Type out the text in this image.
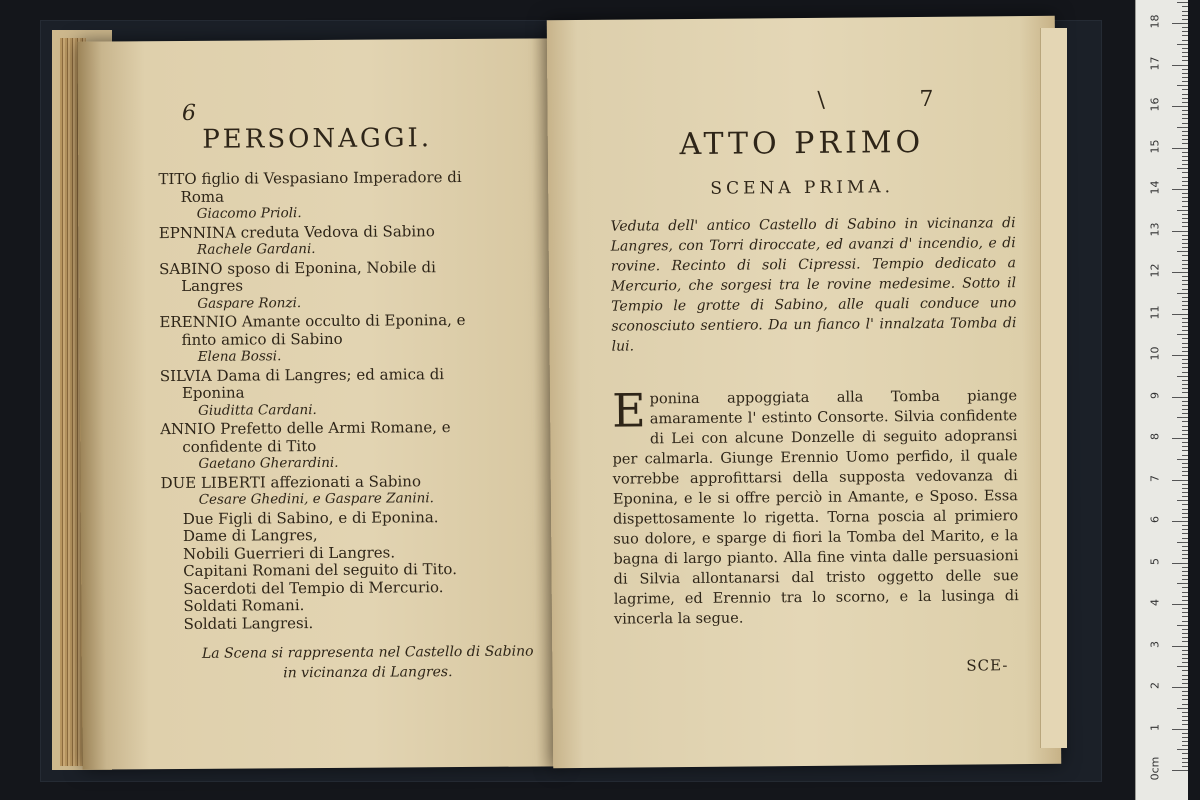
6
PERSONAGGI.
TITO figlio di Vespasiano Imperadore di
Roma
Giacomo Prioli.
EPNNINA creduta Vedova di Sabino
Rachele Gardani.
SABINO sposo di Eponina, Nobile di
Langres
Gaspare Ronzi.
ERENNIO Amante occulto di Eponina, e
finto amico di Sabino
Elena Bossi.
SILVIA Dama di Langres; ed amica di
Eponina
Giuditta Cardani.
ANNIO Prefetto delle Armi Romane, e
confidente di Tito
Gaetano Gherardini.
DUE LIBERTI affezionati a Sabino
Cesare Ghedini, e Gaspare Zanini.
Due Figli di Sabino, e di Eponina.
Dame di Langres,
Nobili Guerrieri di Langres.
Capitani Romani del seguito di Tito.
Sacerdoti del Tempio di Mercurio.
Soldati Romani.
Soldati Langresi.
La Scena si rappresenta nel Castello di Sabino
in vicinanza di Langres.
\	7
ATTO PRIMO
SCENA PRIMA.
Veduta dell' antico Castello di Sabino in vicinanza di Langres, con Torri diroccate, ed avanzi d' incendio, e di rovine. Recinto di soli Cipressi. Tempio dedicato a Mercurio, che sorgesi tra le rovine medesime. Sotto il Tempio le grotte di Sabino, alle quali conduce uno sconosciuto sentiero. Da un fianco l' innalzata Tomba di lui.
Eponina appoggiata alla Tomba piange amaramente l' estinto Consorte. Silvia confidente di Lei con alcune Donzelle di seguito adopransi per calmarla. Giunge Erennio Uomo perfido, il quale vorrebbe approfittarsi della supposta vedovanza di Eponina, e le si offre perciò in Amante, e Sposo. Essa dispettosamente lo rigetta. Torna poscia al primiero suo dolore, e sparge di fiori la Tomba del Marito, e la bagna di largo pianto. Alla fine vinta dalle persuasioni di Silvia allontanarsi dal tristo oggetto delle sue lagrime, ed Erennio tra lo scorno, e la lusinga di vincerla la segue.
SCE-
0cm
1
2
3
4
5
6
7
8
9
10
11
12
13
14
15
16
17
18
